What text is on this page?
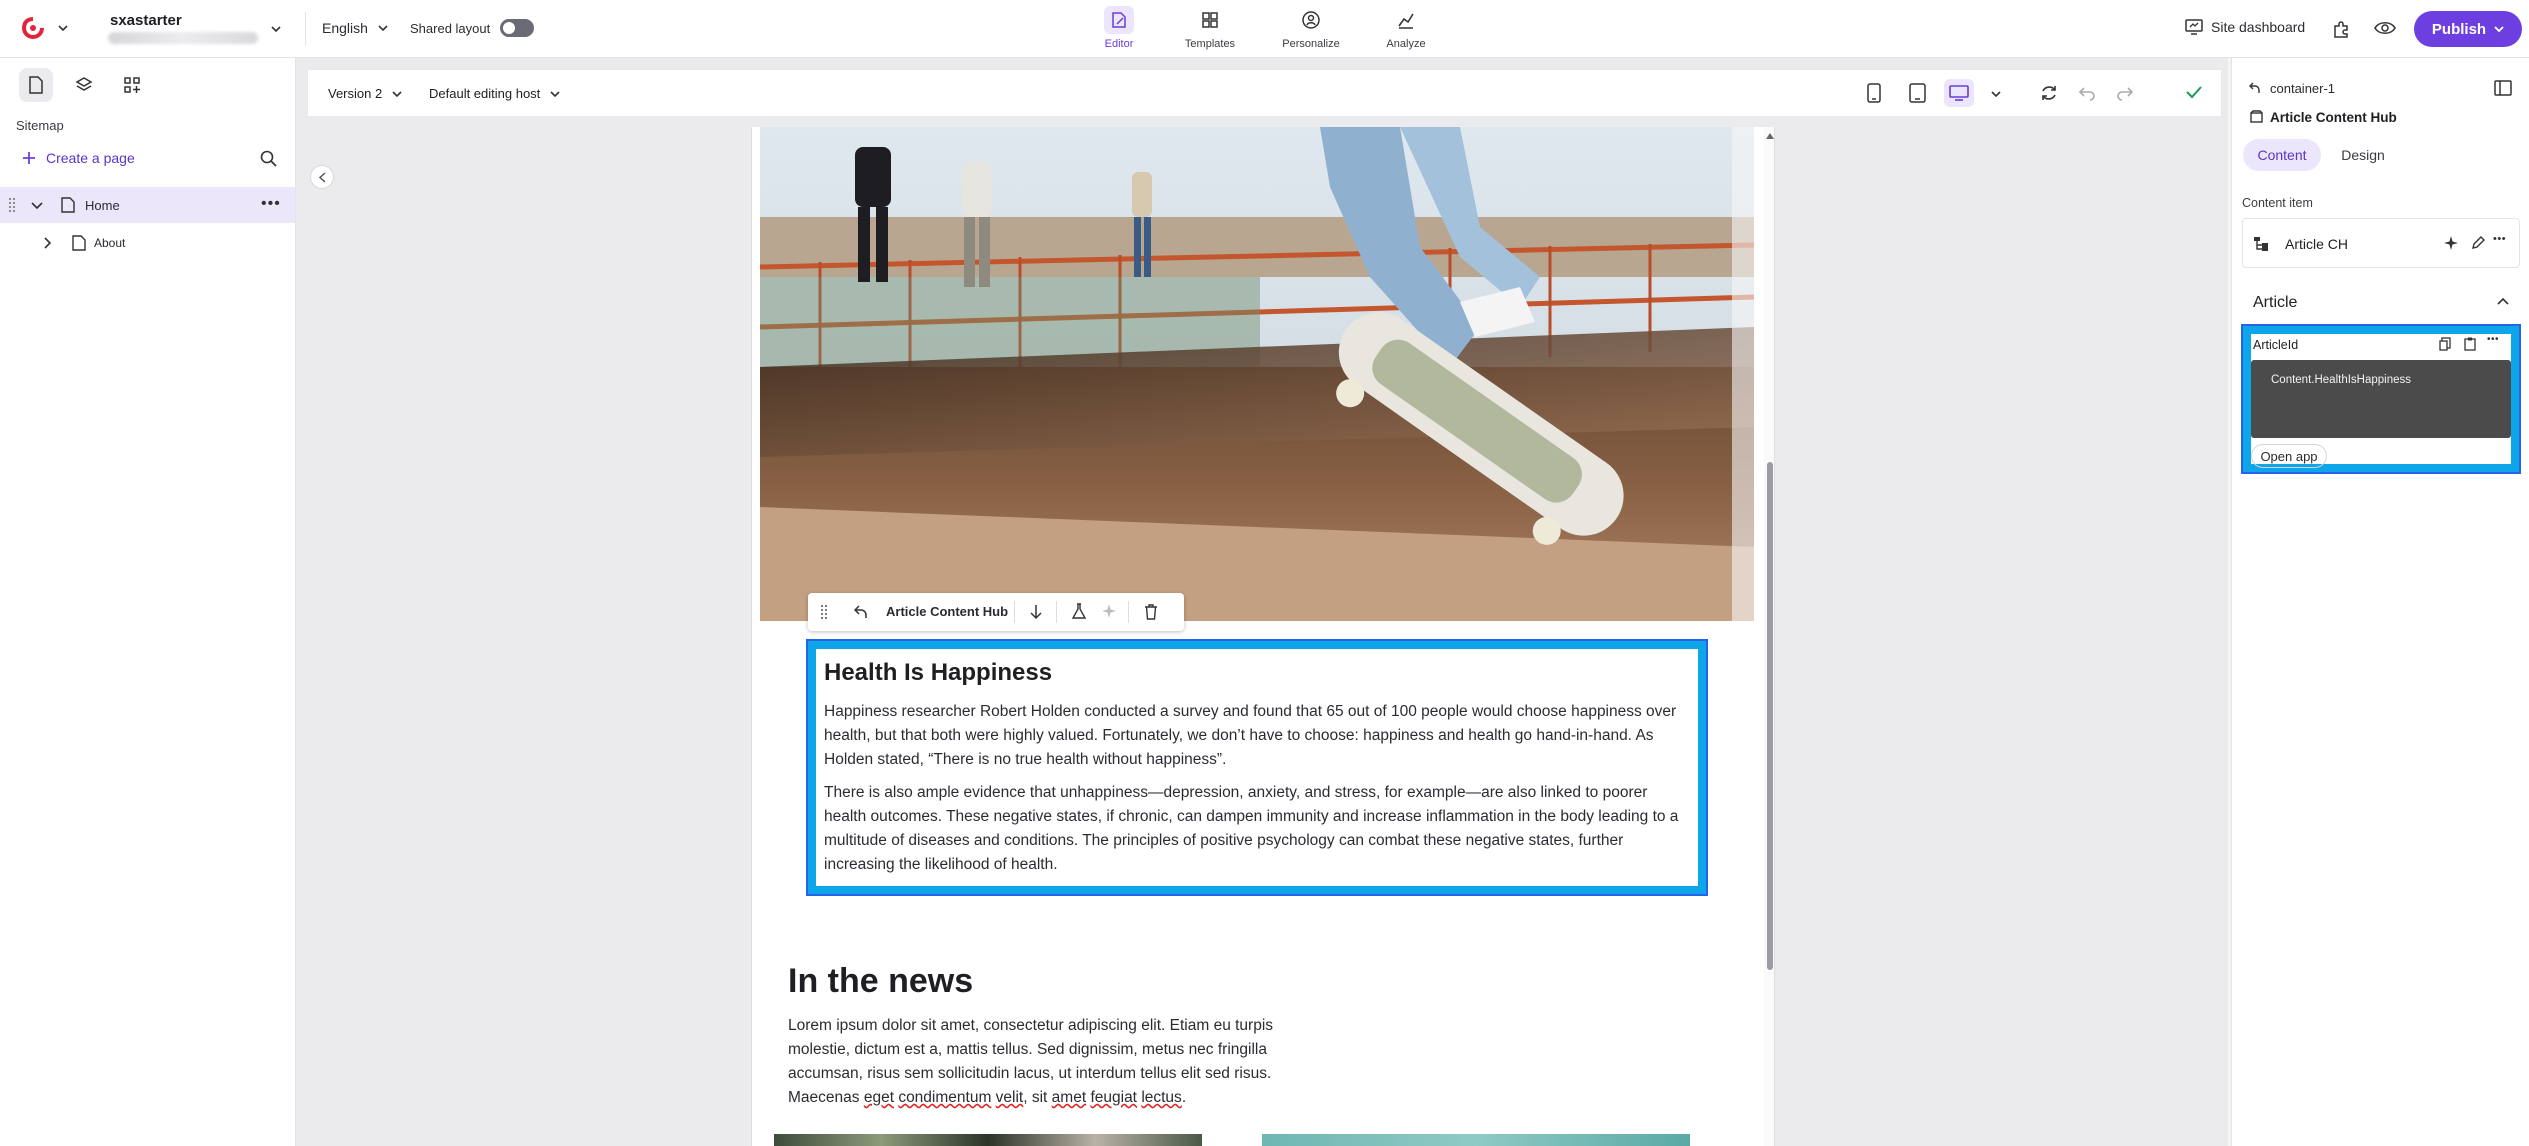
sxastarter	English	Shared layout
Editor	Templates	Personalize	Analyze
Site dashboard	Publish
Sitemap
Create a page
Home	•••
About
Version 2	Default editing host
Health Is Happiness
Happiness researcher Robert Holden conducted a survey and found that 65 out of 100 people would choose happiness over health, but that both were highly valued. Fortunately, we don’t have to choose: happiness and health go hand-in-hand. As Holden stated, “There is no true health without happiness”.
There is also ample evidence that unhappiness—depression, anxiety, and stress, for example—are also linked to poorer health outcomes. These negative states, if chronic, can dampen immunity and increase inflammation in the body leading to a multitude of diseases and conditions. The principles of positive psychology can combat these negative states, further increasing the likelihood of health.
Article Content Hub
In the news
Lorem ipsum dolor sit amet, consectetur adipiscing elit. Etiam eu turpis molestie, dictum est a, mattis tellus. Sed dignissim, metus nec fringilla accumsan, risus sem sollicitudin lacus, ut interdum tellus elit sed risus. Maecenas eget condimentum velit, sit amet feugiat lectus.
container-1
Article Content Hub
Content Design
Content item
Article CH	•••
Article
ArticleId	•••
Content.HealthIsHappiness
Open app
